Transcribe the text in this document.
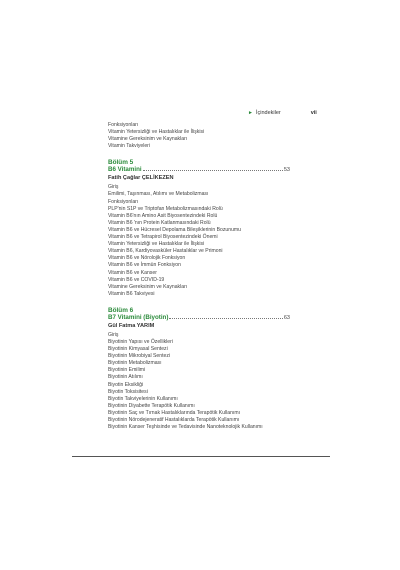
► İçindekiler	vii
Fonksiyonları
Vitamin Yetersizliği ve Hastalıklar ile İlişkisi
Vitamine Gereksinim ve Kaynakları
Vitamin Takviyeleri
Bölüm 5
B6 Vitamini	53
Fatih Çağlar ÇELİKEZEN
Giriş
Emilimi, Taşınması, Atılımı ve Metabolizması
Fonksiyonları
PLP'nin S1P ve Triptofan Metabolizmasındaki Rolü
Vitamin B6'nın Amino Asit Biyosentezindeki Rolü
Vitamin B6 'nın Protein Katlanmasındaki Rolü
Vitamin B6 ve Hücresel Depolama Bileşiklerinin Bozunumu
Vitamin B6 ve Tetrapirol Biyosentezindeki Önemi
Vitamin Yetersizliği ve Hastalıklar ile İlişkisi
Vitamin B6, Kardiyovasküler Hastalıklar ve Primoni
Vitamin B6 ve Nörolojik Fonksiyon
Vitamin B6 ve İmmün Fonksiyon
Vitamin B6 ve Kanser
Vitamin B6 ve COVID-19
Vitamine Gereksinim ve Kaynakları
Vitamin B6 Takviyesi
Bölüm 6
B7 Vitamini (Biyotin)	63
Gül Fatma YARIM
Giriş
Biyotinin Yapısı ve Özellikleri
Biyotinin Kimyasal Sentezi
Biyotinin Mikrobiyal Sentezi
Biyotinin Metabolizması
Biyotinin Emilimi
Biyotinin Atılımı
Biyotin Eksikliği
Biyotin Toksisitesi
Biyotin Takviyelerinin Kullanımı
Biyotinin Diyabette Terapötik Kullanımı
Biyotinin Saç ve Tırnak Hastalıklarında Terapötik Kullanımı
Biyotinin Nörodejeneratif Hastalıklarda Terapötik Kullanımı
Biyotinin Kanser Teşhisinde ve Tedavisinde Nanoteknolojik Kullanımı
